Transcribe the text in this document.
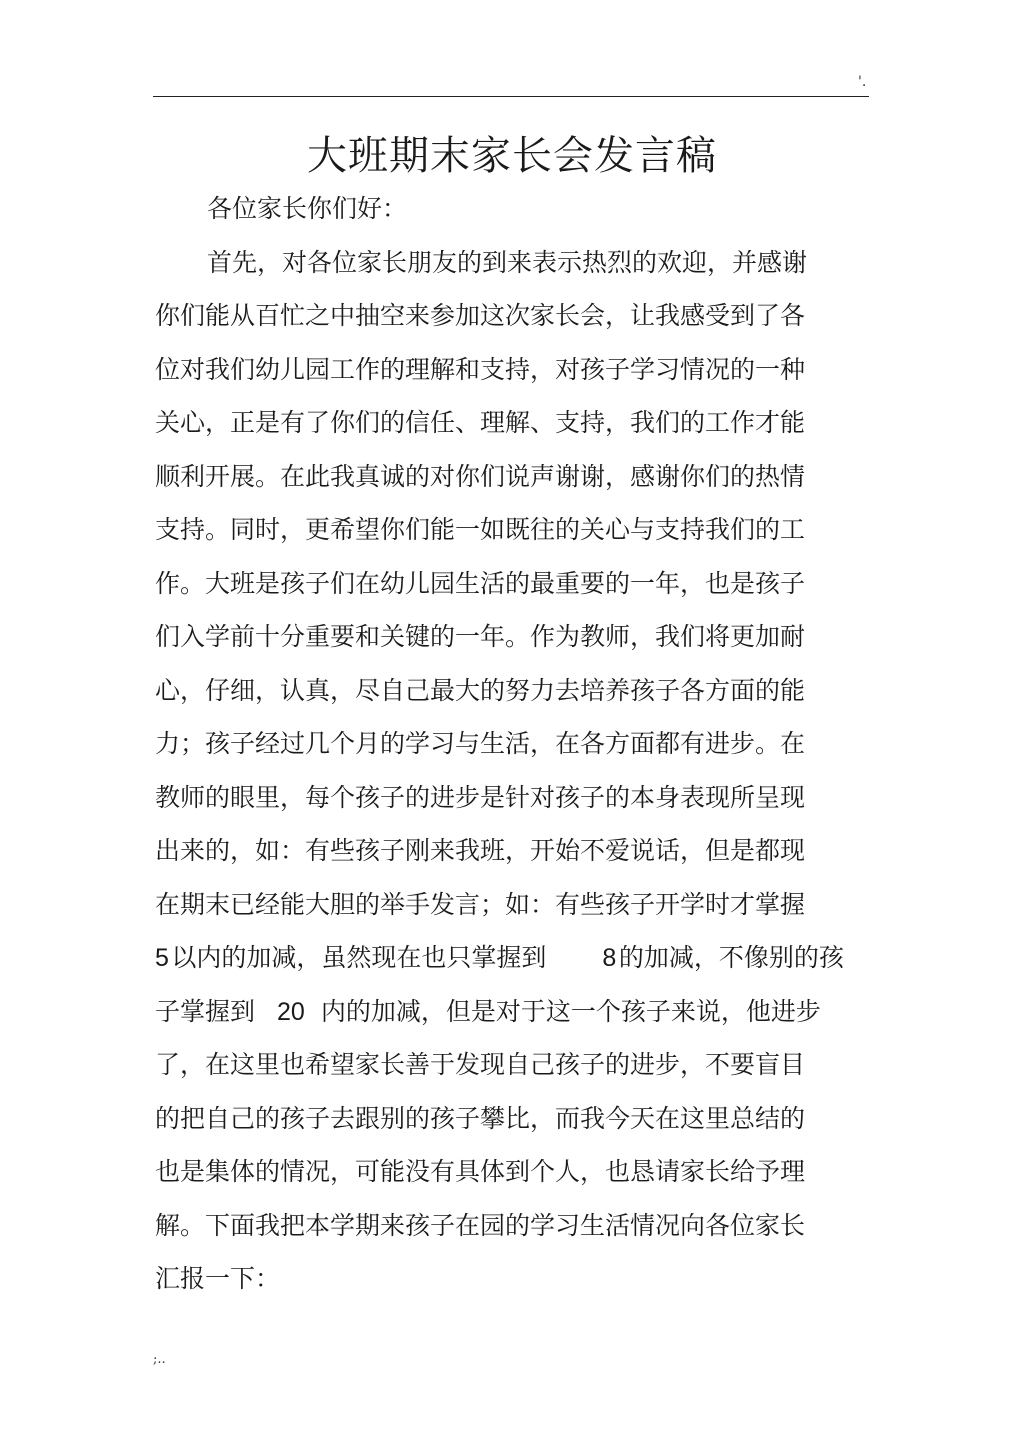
'.
大班期末家长会发言稿
各位家长你们好：
首先，对各位家长朋友的到来表示热烈的欢迎，并感谢
你们能从百忙之中抽空来参加这次家长会，让我感受到了各
位对我们幼儿园工作的理解和支持，对孩子学习情况的一种
关心，正是有了你们的信任、理解、支持，我们的工作才能
顺利开展。在此我真诚的对你们说声谢谢，感谢你们的热情
支持。同时，更希望你们能一如既往的关心与支持我们的工
作。大班是孩子们在幼儿园生活的最重要的一年，也是孩子
们入学前十分重要和关键的一年。作为教师，我们将更加耐
心，仔细，认真，尽自己最大的努力去培养孩子各方面的能
力；孩子经过几个月的学习与生活，在各方面都有进步。在
教师的眼里，每个孩子的进步是针对孩子的本身表现所呈现
出来的，如：有些孩子刚来我班，开始不爱说话，但是都现
在期末已经能大胆的举手发言；如：有些孩子开学时才掌握
5  以内的加减，虽然现在也只掌握到 8  的加减，不像别的孩
子掌握到 20 内的加减，但是对于这一个孩子来说，他进步
了，在这里也希望家长善于发现自己孩子的进步，不要盲目
的把自己的孩子去跟别的孩子攀比，而我今天在这里总结的
也是集体的情况，可能没有具体到个人，也恳请家长给予理
解。下面我把本学期来孩子在园的学习生活情况向各位家长
汇报一下：
;..
